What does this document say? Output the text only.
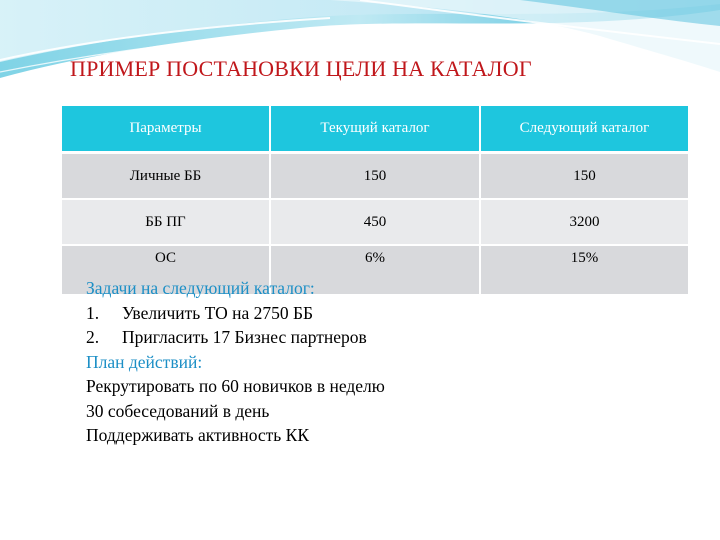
ПРИМЕР ПОСТАНОВКИ ЦЕЛИ НА КАТАЛОГ
Параметры	Текущий каталог	Следующий каталог
Личные ББ	150	150
ББ ПГ	450	3200
ОС	6%	15%
Задачи на следующий каталог:
1. Увеличить ТО на 2750 ББ
2. Пригласить 17 Бизнес партнеров
План действий:
Рекрутировать по 60 новичков в неделю
30 собеседований в день
Поддерживать активность КК
